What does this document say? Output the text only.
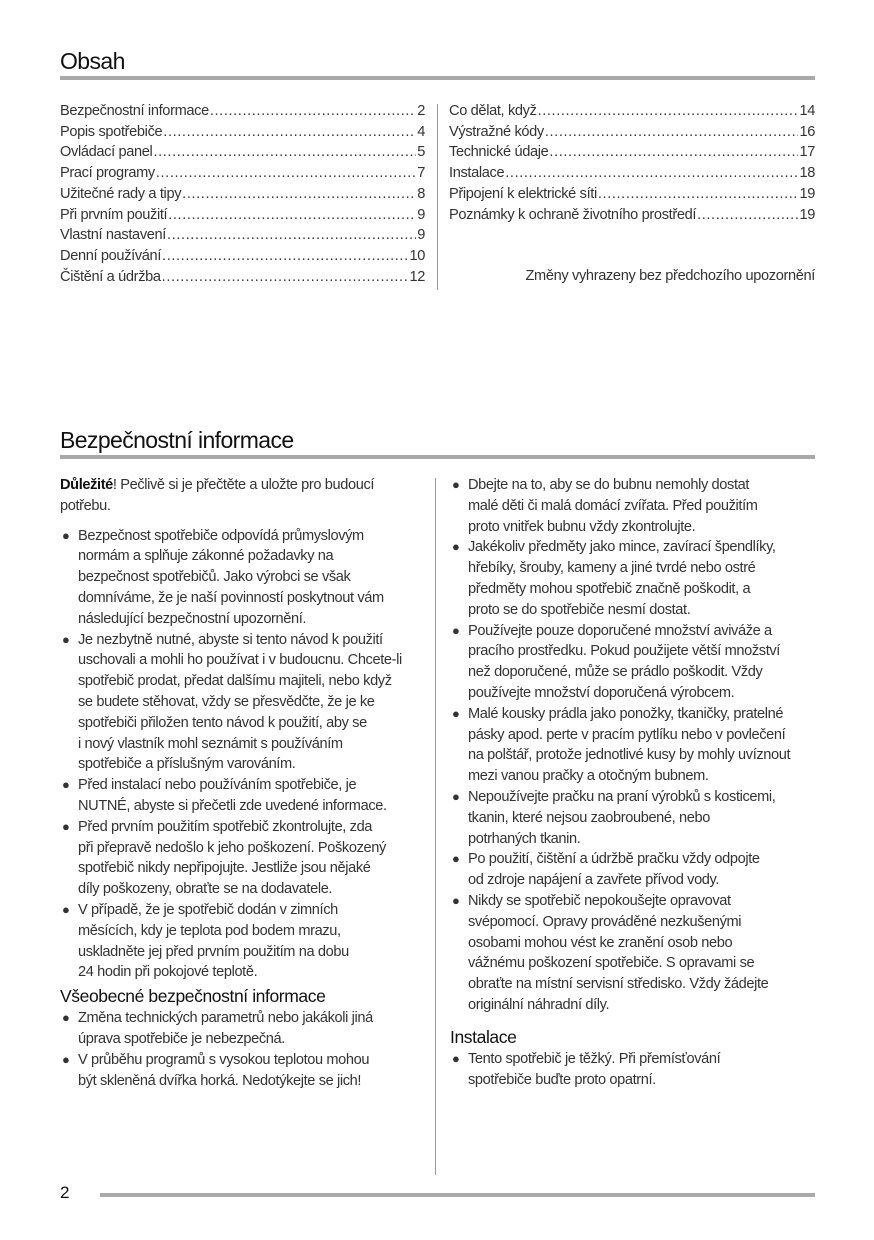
Obsah
Bezpečnostní informace .....	2
Popis spotřebiče .....	4
Ovládací panel .....	5
Prací programy .....	7
Užitečné rady a tipy .....	8
Při prvním použití .....	9
Vlastní nastavení .....	9
Denní používání .....	10
Čištění a údržba .....	12
Co dělat, když .....	14
Výstražné kódy .....	16
Technické údaje .....	17
Instalace .....	18
Připojení k elektrické síti .....	19
Poznámky k ochraně životního prostředí .....	19
Změny vyhrazeny bez předchozího upozornění
Bezpečnostní informace
Důležité! Pečlivě si je přečtěte a uložte pro budoucí
potřebu.
● Bezpečnost spotřebiče odpovídá průmyslovým
normám a splňuje zákonné požadavky na
bezpečnost spotřebičů. Jako výrobci se však
domníváme, že je naší povinností poskytnout vám
následující bezpečnostní upozornění.
● Je nezbytně nutné, abyste si tento návod k použití
uschovali a mohli ho používat i v budoucnu. Chcete-li
spotřebič prodat, předat dalšímu majiteli, nebo když
se budete stěhovat, vždy se přesvědčte, že je ke
spotřebiči přiložen tento návod k použití, aby se
i nový vlastník mohl seznámit s používáním
spotřebiče a příslušným varováním.
● Před instalací nebo používáním spotřebiče, je
NUTNÉ, abyste si přečetli zde uvedené informace.
● Před prvním použitím spotřebič zkontrolujte, zda
při přepravě nedošlo k jeho poškození. Poškozený
spotřebič nikdy nepřipojujte. Jestliže jsou nějaké
díly poškozeny, obraťte se na dodavatele.
● V případě, že je spotřebič dodán v zimních
měsících, kdy je teplota pod bodem mrazu,
uskladněte jej před prvním použitím na dobu
24 hodin při pokojové teplotě.
Všeobecné bezpečnostní informace
● Změna technických parametrů nebo jakákoli jiná
úprava spotřebiče je nebezpečná.
● V průběhu programů s vysokou teplotou mohou
být skleněná dvířka horká. Nedotýkejte se jich!
● Dbejte na to, aby se do bubnu nemohly dostat
malé děti či malá domácí zvířata. Před použitím
proto vnitřek bubnu vždy zkontrolujte.
● Jakékoliv předměty jako mince, zavírací špendlíky,
hřebíky, šrouby, kameny a jiné tvrdé nebo ostré
předměty mohou spotřebič značně poškodit, a
proto se do spotřebiče nesmí dostat.
● Používejte pouze doporučené množství aviváže a
pracího prostředku. Pokud použijete větší množství
než doporučené, může se prádlo poškodit. Vždy
používejte množství doporučená výrobcem.
● Malé kousky prádla jako ponožky, tkaničky, pratelné
pásky apod. perte v pracím pytlíku nebo v povlečení
na polštář, protože jednotlivé kusy by mohly uvíznout
mezi vanou pračky a otočným bubnem.
● Nepoužívejte pračku na praní výrobků s kosticemi,
tkanin, které nejsou zaobroubené, nebo
potrhaných tkanin.
● Po použití, čištění a údržbě pračku vždy odpojte
od zdroje napájení a zavřete přívod vody.
● Nikdy se spotřebič nepokoušejte opravovat
svépomocí. Opravy prováděné nezkušenými
osobami mohou vést ke zranění osob nebo
vážnému poškození spotřebiče. S opravami se
obraťte na místní servisní středisko. Vždy žádejte
originální náhradní díly.
Instalace
● Tento spotřebič je těžký. Při přemísťování
spotřebiče buďte proto opatrní.
2
